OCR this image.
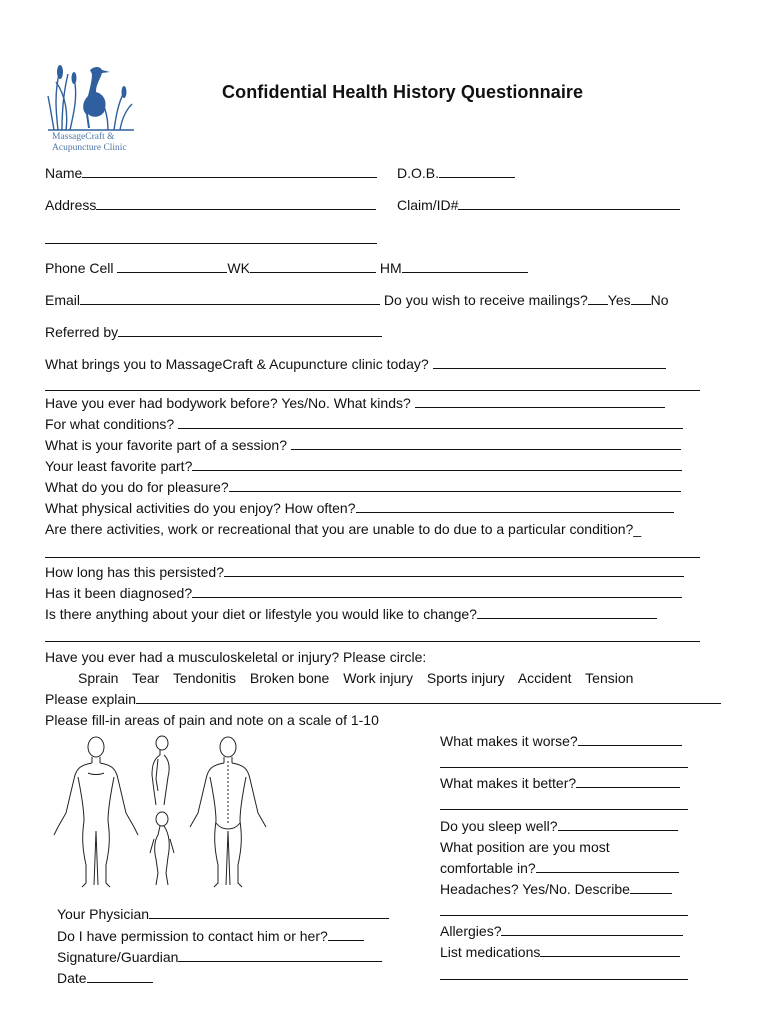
MassageCraft &
Acupuncture Clinic
Confidential Health History Questionnaire
Name	D.O.B.
Address	Claim/ID#
Phone Cell	WK	HM
Email	Do you wish to receive mailings? Yes No
Referred by
What brings you to MassageCraft & Acupuncture clinic today?
Have you ever had bodywork before? Yes/No. What kinds?
For what conditions?
What is your favorite part of a session?
Your least favorite part?
What do you do for pleasure?
What physical activities do you enjoy? How often?
Are there activities, work or recreational that you are unable to do due to a particular condition?_
How long has this persisted?
Has it been diagnosed?
Is there anything about your diet or lifestyle you would like to change?
Have you ever had a musculoskeletal or injury? Please circle:
Sprain Tear Tendonitis Broken bone Work injury Sports injury Accident Tension
Please explain
Please fill-in areas of pain and note on a scale of 1-10
What makes it worse?
What makes it better?
Do you sleep well?
What position are you most
comfortable in?
Headaches? Yes/No. Describe
Allergies?
List medications
Your Physician
Do I have permission to contact him or her?
Signature/Guardian
Date
